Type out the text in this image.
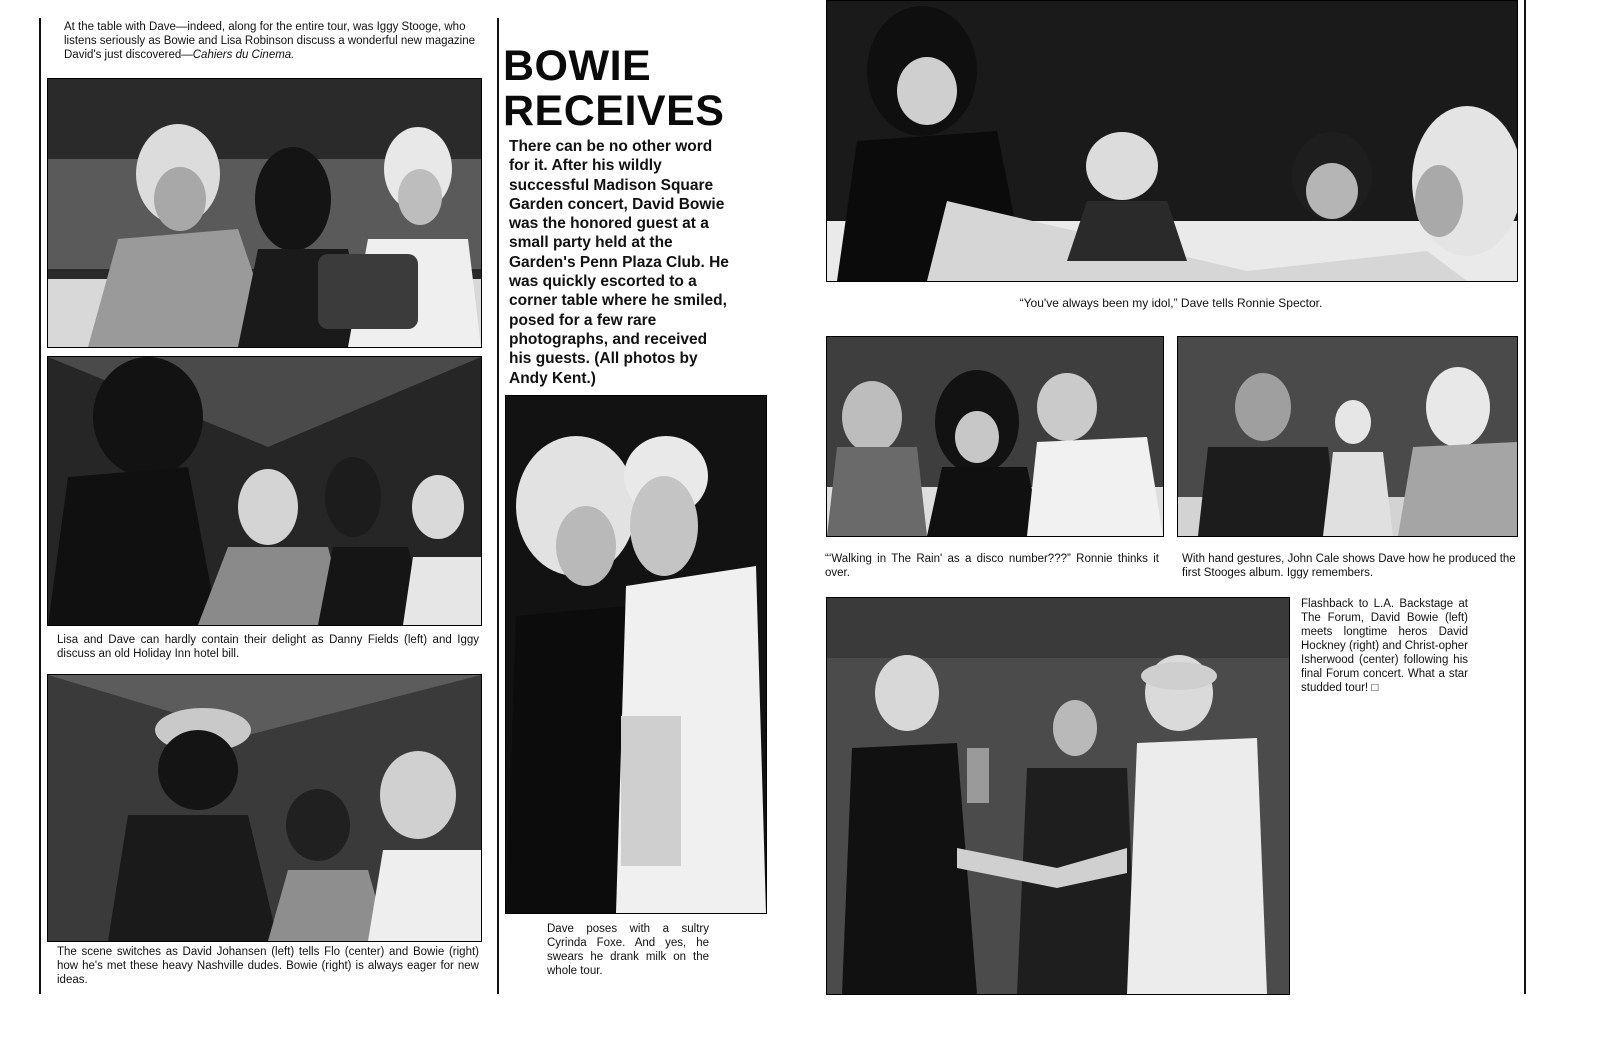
At the table with Dave—indeed, along for the entire tour, was Iggy Stooge, who listens seriously as Bowie and Lisa Robinson discuss a wonderful new magazine David's just discovered—Cahiers du Cinema.
Lisa and Dave can hardly contain their delight as Danny Fields (left) and Iggy discuss an old Holiday Inn hotel bill.
The scene switches as David Johansen (left) tells Flo (center) and Bowie (right) how he's met these heavy Nashville dudes. Bowie (right) is always eager for new ideas.
BOWIE
RECEIVES
There can be no other word for it. After his wildly successful Madison Square Garden concert, David Bowie was the honored guest at a small party held at the Garden's Penn Plaza Club. He was quickly escorted to a corner table where he smiled, posed for a few rare photographs, and received his guests. (All photos by Andy Kent.)
Dave poses with a sultry Cyrinda Foxe. And yes, he swears he drank milk on the whole tour.
“You've always been my idol,” Dave tells Ronnie Spector.
“‘Walking in The Rain' as a disco number???” Ronnie thinks it over.
With hand gestures, John Cale shows Dave how he produced the first Stooges album. Iggy remembers.
Flashback to L.A. Backstage at The Forum, David Bowie (left) meets longtime heros David Hockney (right) and Christ-opher Isherwood (center) following his final Forum concert. What a star studded tour! □
